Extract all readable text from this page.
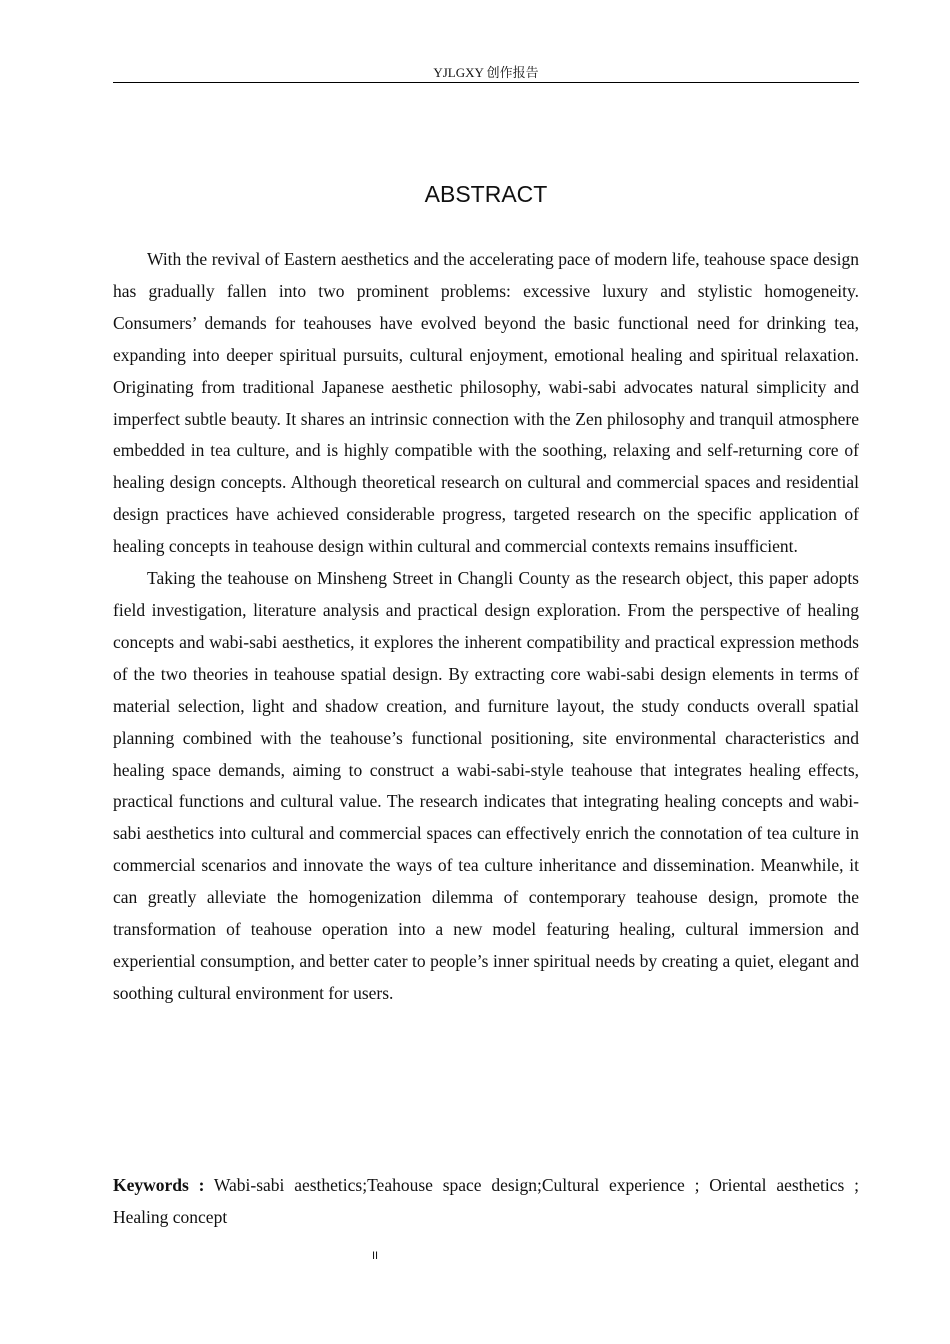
YJLGXY 创作报告
ABSTRACT

With the revival of Eastern aesthetics and the accelerating pace of modern life, teahouse space design has gradually fallen into two prominent problems: excessive luxury and stylistic homogeneity. Consumers’ demands for teahouses have evolved beyond the basic functional need for drinking tea, expanding into deeper spiritual pursuits, cultural enjoyment, emotional healing and spiritual relaxation. Originating from traditional Japanese aesthetic philosophy, wabi-sabi advocates natural simplicity and imperfect subtle beauty. It shares an intrinsic connection with the Zen philosophy and tranquil atmosphere embedded in tea culture, and is highly compatible with the soothing, relaxing and self-returning core of healing design concepts. Although theoretical research on cultural and commercial spaces and residential design practices have achieved considerable progress, targeted research on the specific application of healing concepts in teahouse design within cultural and commercial contexts remains insufficient.

Taking the teahouse on Minsheng Street in Changli County as the research object, this paper adopts field investigation, literature analysis and practical design exploration. From the perspective of healing concepts and wabi-sabi aesthetics, it explores the inherent compatibility and practical expression methods of the two theories in teahouse spatial design. By extracting core wabi-sabi design elements in terms of material selection, light and shadow creation, and furniture layout, the study conducts overall spatial planning combined with the teahouse’s functional positioning, site environmental characteristics and healing space demands, aiming to construct a wabi-sabi-style teahouse that integrates healing effects, practical functions and cultural value. The research indicates that integrating healing concepts and wabi-sabi aesthetics into cultural and commercial spaces can effectively enrich the connotation of tea culture in commercial scenarios and innovate the ways of tea culture inheritance and dissemination. Meanwhile, it can greatly alleviate the homogenization dilemma of contemporary teahouse design, promote the transformation of teahouse operation into a new model featuring healing, cultural immersion and experiential consumption, and better cater to people’s inner spiritual needs by creating a quiet, elegant and soothing cultural environment for users.

Keywords : Wabi-sabi aesthetics;Teahouse space design;Cultural experience ; Oriental aesthetics ; Healing concept
II
